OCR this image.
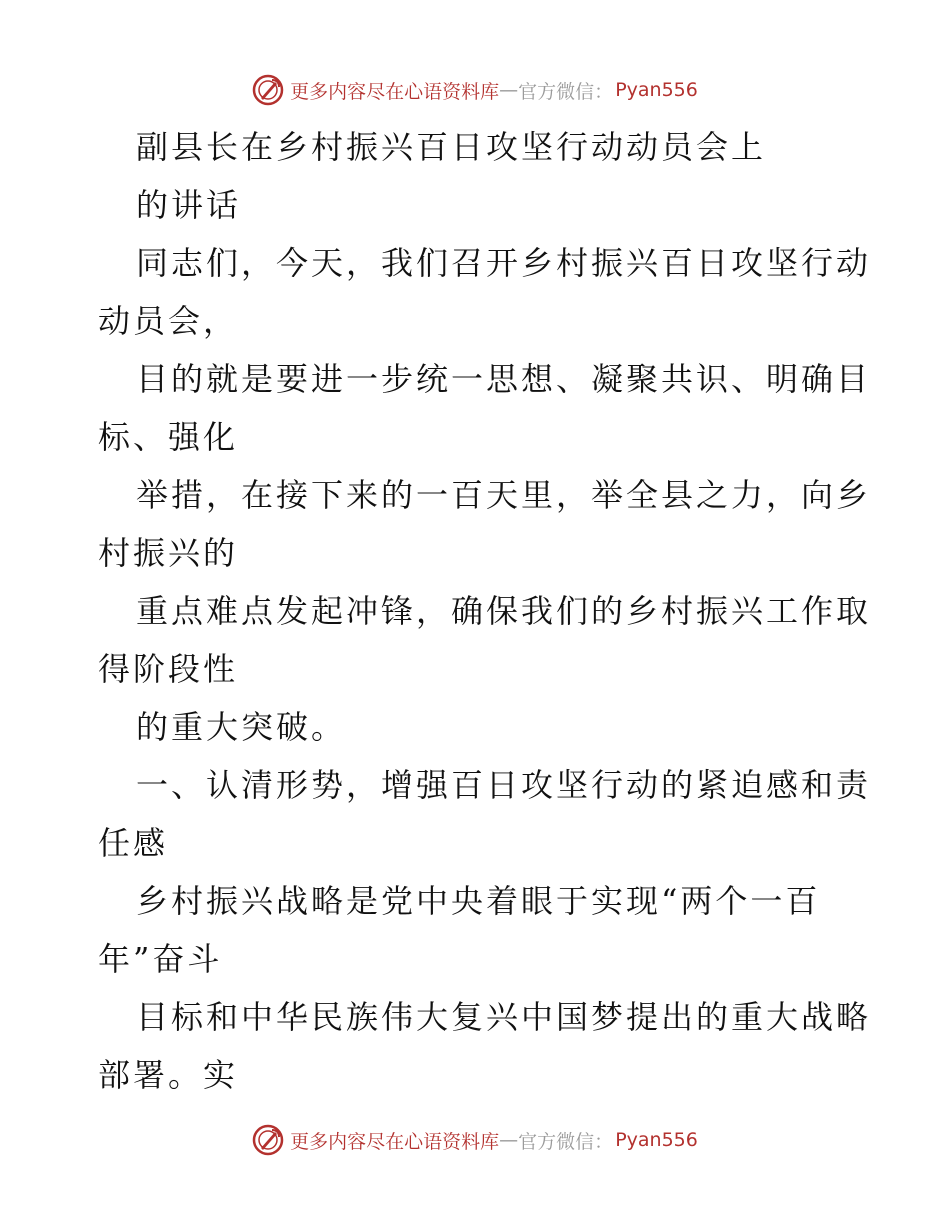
更多内容尽在心语资料库 — 官方微信： Pyan556
副县长在乡村振兴百日攻坚行动动员会上
的讲话
同志们，今天，我们召开乡村振兴百日攻坚行动
动员会，
目的就是要进一步统一思想、凝聚共识、明确目
标、强化
举措，在接下来的一百天里，举全县之力，向乡
村振兴的
重点难点发起冲锋，确保我们的乡村振兴工作取
得阶段性
的重大突破。
一、认清形势，增强百日攻坚行动的紧迫感和责
任感
乡村振兴战略是党中央着眼于实现“两个一百
年”奋斗
目标和中华民族伟大复兴中国梦提出的重大战略
部署。实
更多内容尽在心语资料库 — 官方微信： Pyan556
